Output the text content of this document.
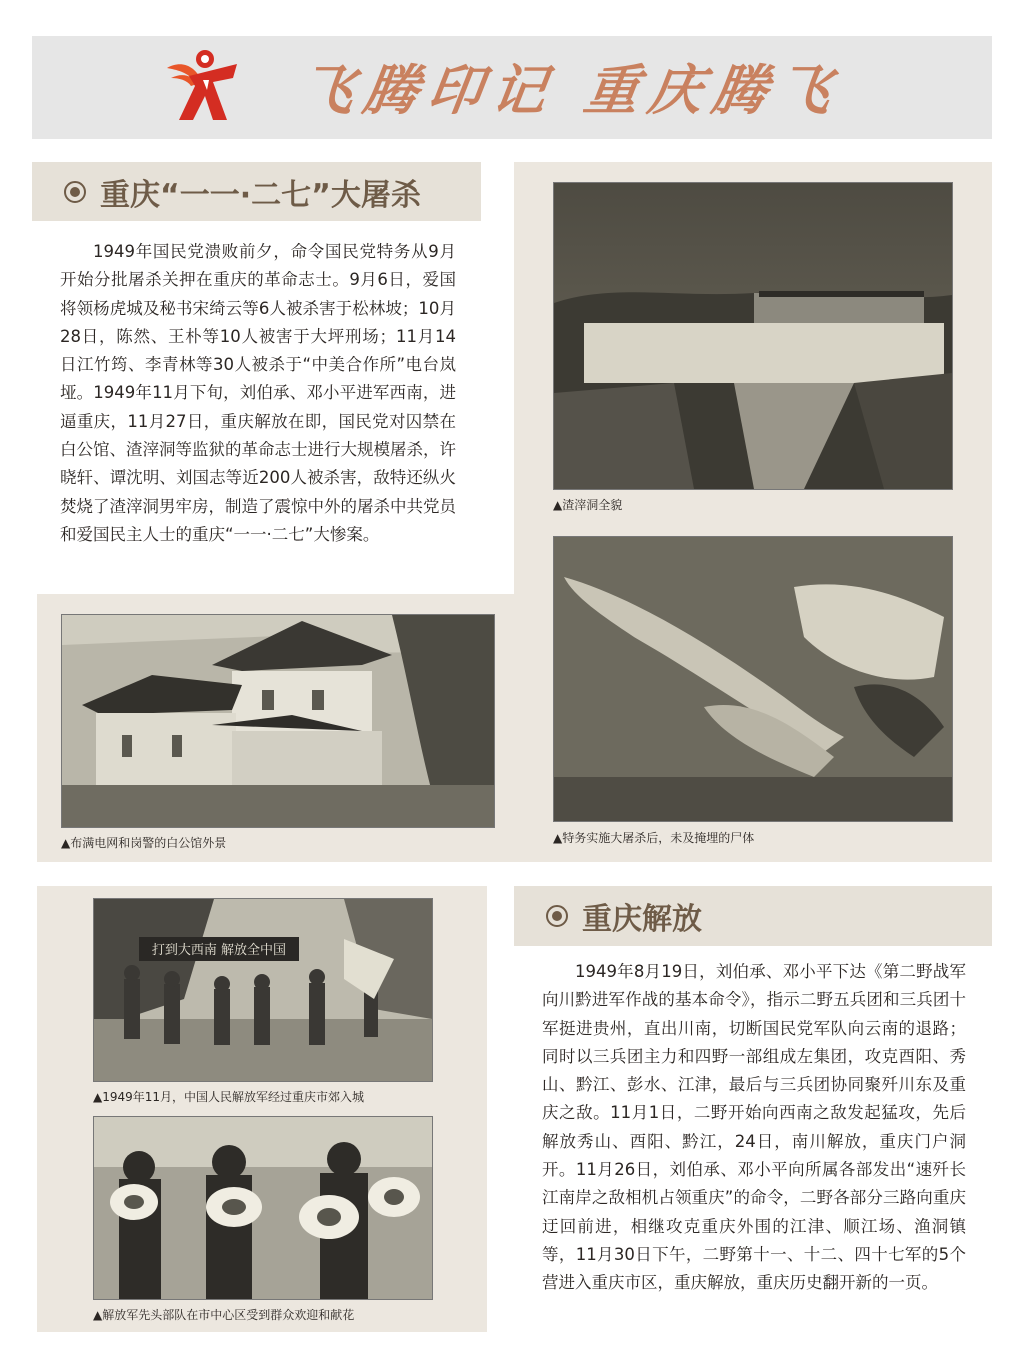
飞腾印记 重庆腾飞
重庆“一一·二七”大屠杀

1949年国民党溃败前夕，命令国民党特务从9月开始分批屠杀关押在重庆的革命志士。9月6日，爱国将领杨虎城及秘书宋绮云等6人被杀害于松林坡；10月28日，陈然、王朴等10人被害于大坪刑场；11月14日江竹筠、李青林等30人被杀于“中美合作所”电台岚垭。1949年11月下旬，刘伯承、邓小平进军西南，进逼重庆，11月27日，重庆解放在即，国民党对囚禁在白公馆、渣滓洞等监狱的革命志士进行大规模屠杀，许晓轩、谭沈明、刘国志等近200人被杀害，敌特还纵火焚烧了渣滓洞男牢房，制造了震惊中外的屠杀中共党员和爱国民主人士的重庆“一一·二七”大惨案。

▲渣滓洞全貌
▲布满电网和岗警的白公馆外景	▲特务实施大屠杀后，未及掩埋的尸体
打到大西南 解放全中国
▲1949年11月，中国人民解放军经过重庆市郊入城
▲解放军先头部队在市中心区受到群众欢迎和献花
重庆解放

1949年8月19日，刘伯承、邓小平下达《第二野战军向川黔进军作战的基本命令》，指示二野五兵团和三兵团十军挺进贵州，直出川南，切断国民党军队向云南的退路；同时以三兵团主力和四野一部组成左集团，攻克酉阳、秀山、黔江、彭水、江津，最后与三兵团协同聚歼川东及重庆之敌。11月1日，二野开始向西南之敌发起猛攻，先后解放秀山、酉阳、黔江，24日，南川解放，重庆门户洞开。11月26日，刘伯承、邓小平向所属各部发出“速歼长江南岸之敌相机占领重庆”的命令，二野各部分三路向重庆迂回前进，相继攻克重庆外围的江津、顺江场、渔洞镇等，11月30日下午，二野第十一、十二、四十七军的5个营进入重庆市区，重庆解放，重庆历史翻开新的一页。
